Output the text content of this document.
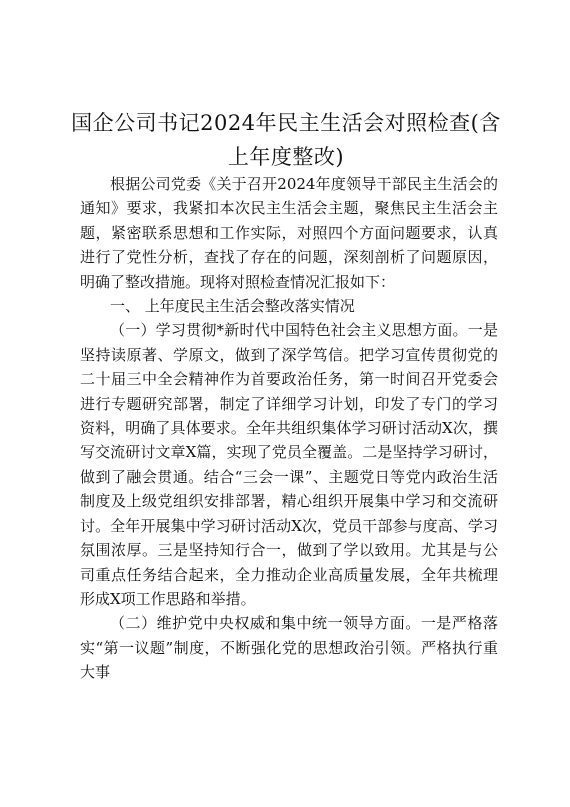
国企公司书记2024年民主生活会对照检查(含上年度整改)

根据公司党委《关于召开2024年度领导干部民主生活会的通知》要求，我紧扣本次民主生活会主题，聚焦民主生活会主题，紧密联系思想和工作实际，对照四个方面问题要求，认真进行了党性分析，查找了存在的问题，深刻剖析了问题原因，明确了整改措施。现将对照检查情况汇报如下：

一、 上年度民主生活会整改落实情况

（一）学习贯彻*新时代中国特色社会主义思想方面。一是坚持读原著、学原文，做到了深学笃信。把学习宣传贯彻党的二十届三中全会精神作为首要政治任务，第一时间召开党委会进行专题研究部署，制定了详细学习计划，印发了专门的学习资料，明确了具体要求。全年共组织集体学习研讨活动X次，撰写交流研讨文章X篇，实现了党员全覆盖。二是坚持学习研讨，做到了融会贯通。结合“三会一课”、主题党日等党内政治生活制度及上级党组织安排部署，精心组织开展集中学习和交流研讨。全年开展集中学习研讨活动X次，党员干部参与度高、学习氛围浓厚。三是坚持知行合一，做到了学以致用。尤其是与公司重点任务结合起来，全力推动企业高质量发展，全年共梳理形成X项工作思路和举措。

（二）维护党中央权威和集中统一领导方面。一是严格落实“第一议题”制度，不断强化党的思想政治引领。严格执行重大事
